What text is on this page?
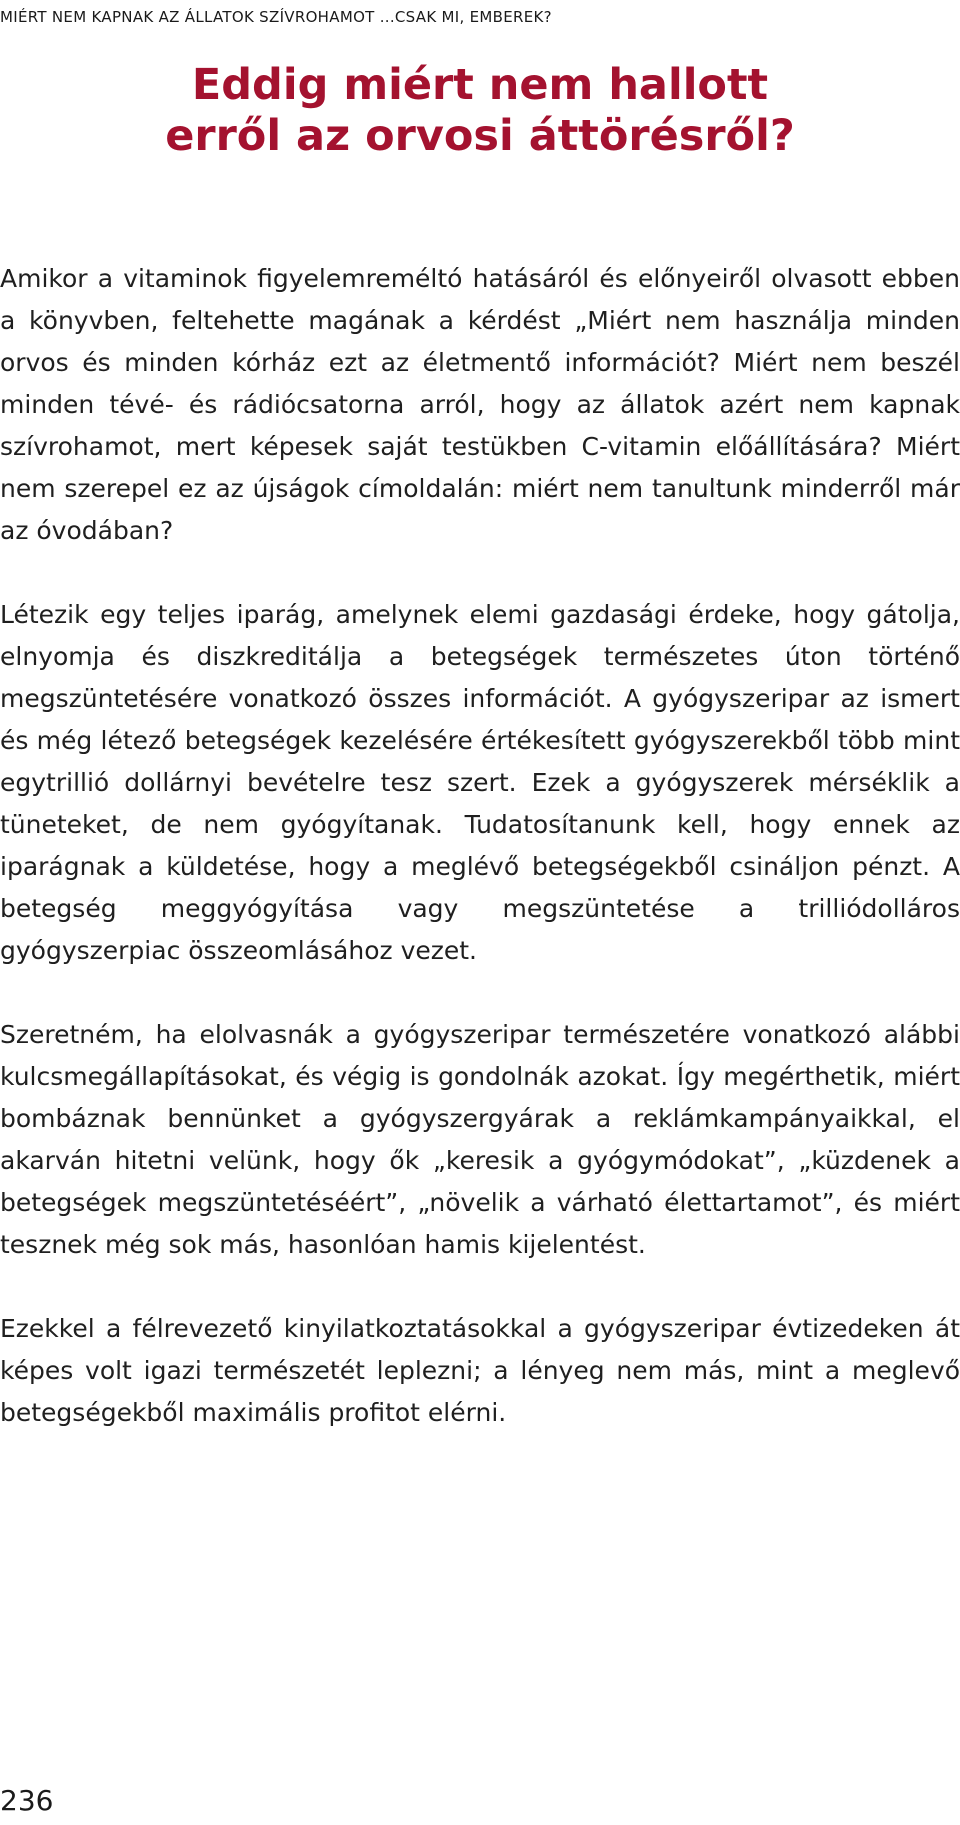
MIÉRT NEM KAPNAK AZ ÁLLATOK SZÍVROHAMOT ...CSAK MI, EMBEREK?
Eddig miért nem hallott
erről az orvosi áttörésről?

Amikor a vitaminok figyelemreméltó hatásáról és előnyeiről olvasott ebben a könyvben, feltehette magának a kérdést „Miért nem használja minden orvos és minden kórház ezt az életmentő információt? Miért nem beszél minden tévé- és rádiócsatorna arról, hogy az állatok azért nem kapnak szívrohamot, mert képesek saját testükben C-vitamin előállítására? Miért nem szerepel ez az újságok címoldalán: miért nem tanultunk minderről már az óvodában?

Létezik egy teljes iparág, amelynek elemi gazdasági érdeke, hogy gátolja, elnyomja és diszkreditálja a betegségek természetes úton történő megszüntetésére vonatkozó összes információt. A gyógyszeripar az ismert és még létező betegségek kezelésére értékesített gyógyszerekből több mint egytrillió dollárnyi bevételre tesz szert. Ezek a gyógyszerek mérséklik a tüneteket, de nem gyógyítanak. Tudatosítanunk kell, hogy ennek az iparágnak a küldetése, hogy a meglévő betegségekből csináljon pénzt. A betegség meggyógyítása vagy megszüntetése a trilliódolláros gyógyszerpiac összeomlásához vezet.

Szeretném, ha elolvasnák a gyógyszeripar természetére vonatkozó alábbi kulcsmegállapításokat, és végig is gondolnák azokat. Így megérthetik, miért bombáznak bennünket a gyógyszergyárak a reklámkampányaikkal, el akarván hitetni velünk, hogy ők „keresik a gyógymódokat”, „küzdenek a betegségek megszüntetéséért”, „növelik a várható élettartamot”, és miért tesznek még sok más, hasonlóan hamis kijelentést.

Ezekkel a félrevezető kinyilatkoztatásokkal a gyógyszeripar évtizedeken át képes volt igazi természetét leplezni; a lényeg nem más, mint a meglevő betegségekből maximális profitot elérni.

236
